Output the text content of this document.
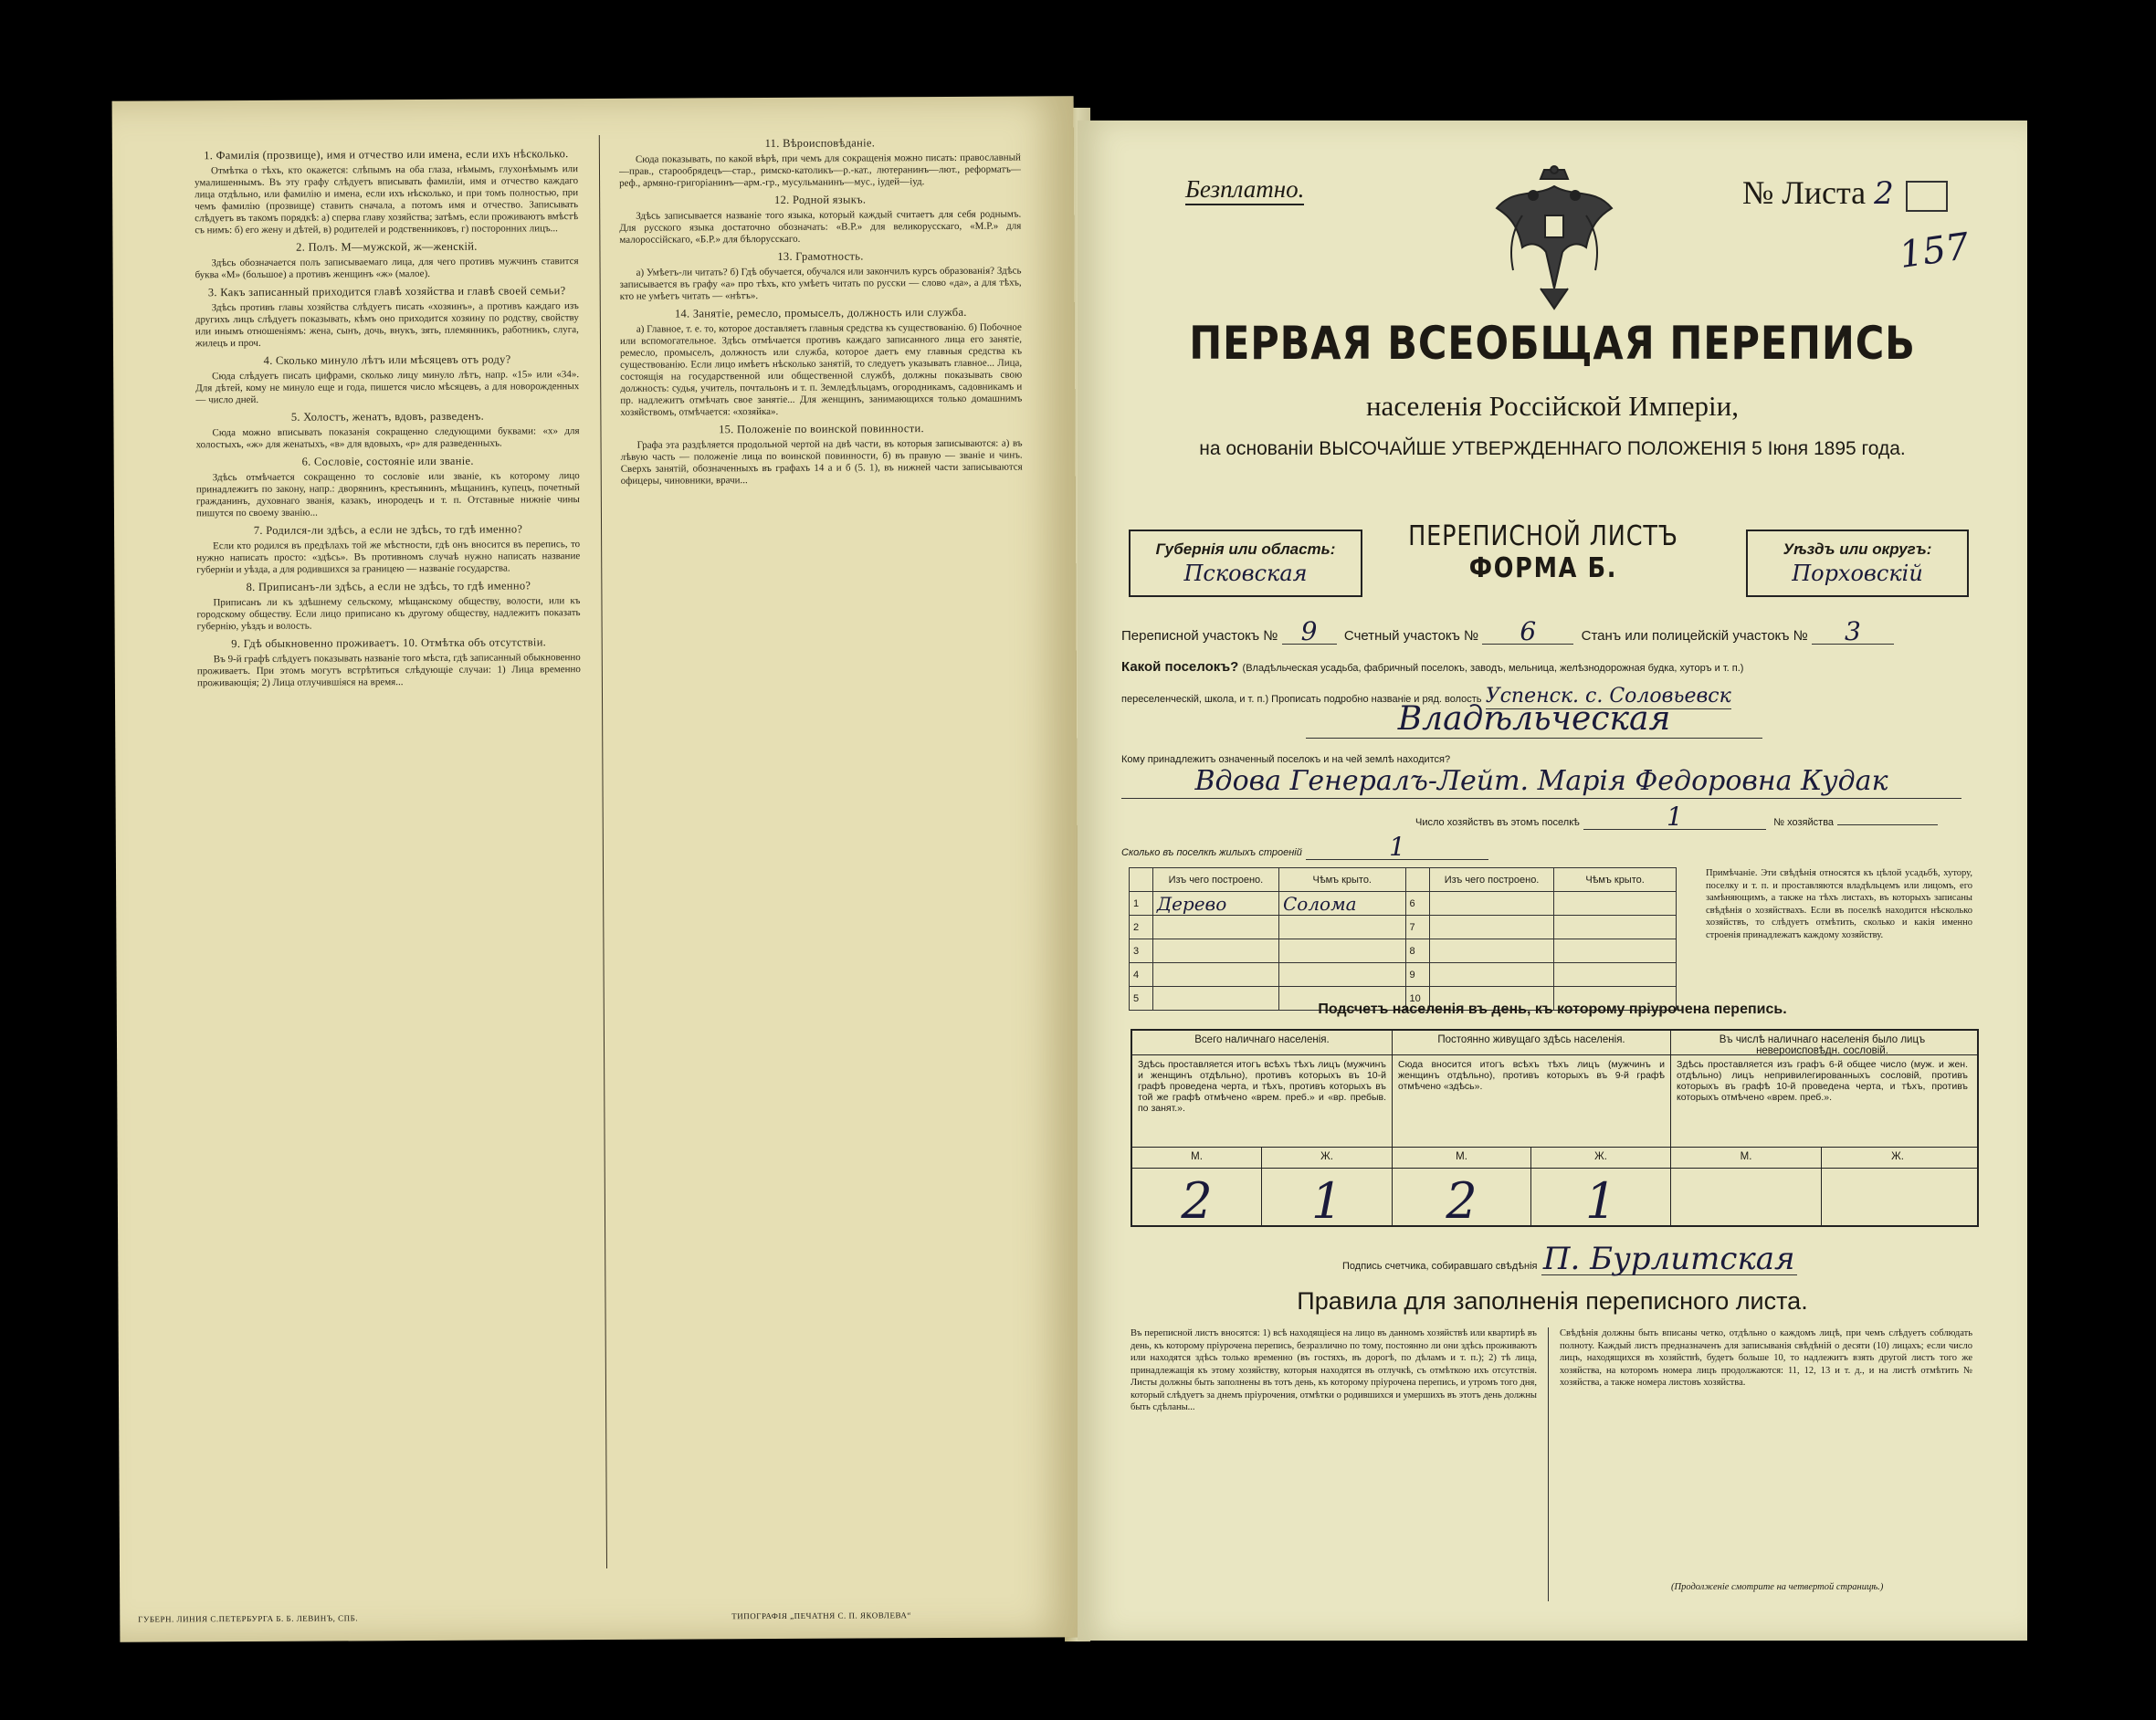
1. Фамилія (прозвище), имя и отчество или имена, если ихъ нѣсколько.

Отмѣтка о тѣхъ, кто окажется: слѣпымъ на оба глаза, нѣмымъ, глухонѣмымъ или умалишеннымъ. Въ эту графу слѣдуетъ вписывать фамиліи, имя и отчество каждаго лица отдѣльно, или фамилію и имена, если ихъ нѣсколько, и при томъ полностью, при чемъ фамилію (прозвище) ставить сначала, а потомъ имя и отчество. Записывать слѣдуетъ въ такомъ порядкѣ: а) сперва главу хозяйства; затѣмъ, если проживаютъ вмѣстѣ съ нимъ: б) его жену и дѣтей, в) родителей и родственниковъ, г) посторонних лицъ...

2. Полъ. М—мужской, ж—женскій.

Здѣсь обозначается полъ записываемаго лица, для чего противъ мужчинъ ставится буква «М» (большое) а противъ женщинъ «ж» (малое).

3. Какъ записанный приходится главѣ хозяйства и главѣ своей семьи?

Здѣсь противъ главы хозяйства слѣдуетъ писать «хозяинъ», а противъ каждаго изъ другихъ лицъ слѣдуетъ показывать, кѣмъ оно приходится хозяину по родству, свойству или инымъ отношеніямъ: жена, сынъ, дочь, внукъ, зять, племянникъ, работникъ, слуга, жилецъ и проч.

4. Сколько минуло лѣтъ или мѣсяцевъ отъ роду?

Сюда слѣдуетъ писать цифрами, сколько лицу минуло лѣтъ, напр. «15» или «34». Для дѣтей, кому не минуло еще и года, пишется число мѣсяцевъ, а для новорожденных — число дней.

5. Холостъ, женатъ, вдовъ, разведенъ.

Сюда можно вписывать показанія сокращенно следующими буквами: «х» для холостыхъ, «ж» для женатыхъ, «в» для вдовыхъ, «р» для разведенныхъ.

6. Сословіе, состояніе или званіе.

Здѣсь отмѣчается сокращенно то сословіе или званіе, къ которому лицо принадлежитъ по закону, напр.: дворянинъ, крестьянинъ, мѣщанинъ, купецъ, почетный гражданинъ, духовнаго званія, казакъ, инородецъ и т. п. Отставные нижніе чины пишутся по своему званію...

7. Родился-ли здѣсь, а если не здѣсь, то гдѣ именно?

Если кто родился въ предѣлахъ той же мѣстности, гдѣ онъ вносится въ перепись, то нужно написать просто: «здѣсь». Въ противномъ случаѣ нужно написать название губерніи и уѣзда, а для родившихся за границею — названіе государства.

8. Приписанъ-ли здѣсь, а если не здѣсь, то гдѣ именно?

Приписанъ ли къ здѣшнему сельскому, мѣщанскому обществу, волости, или къ городскому обществу. Если лицо приписано къ другому обществу, надлежитъ показать губернію, уѣздъ и волость.

9. Гдѣ обыкновенно проживаетъ. 10. Отмѣтка объ отсутствіи.

Въ 9-й графѣ слѣдуетъ показывать названіе того мѣста, гдѣ записанный обыкновенно проживаетъ. При этомъ могутъ встрѣтиться слѣдующіе случаи: 1) Лица временно проживающія; 2) Лица отлучившіяся на время...

11. Вѣроисповѣданіе.

Сюда показывать, по какой вѣрѣ, при чемъ для сокращенія можно писать: православный—прав., старообрядецъ—стар., римско-католикъ—р.-кат., лютеранинъ—лют., реформатъ—реф., армяно-григоріанинъ—арм.-гр., мусульманинъ—мус., іудей—іуд.

12. Родной языкъ.

Здѣсь записывается названіе того языка, который каждый считаетъ для себя роднымъ. Для русского языка достаточно обозначать: «В.Р.» для великорусскаго, «М.Р.» для малороссійскаго, «Б.Р.» для бѣлорусскаго.

13. Грамотность.

а) Умѣетъ-ли читать? б) Гдѣ обучается, обучался или закончилъ курсъ образованія? Здѣсь записывается въ графу «а» про тѣхъ, кто умѣетъ читать по русски — слово «да», а для тѣхъ, кто не умѣетъ читать — «нѣтъ».

14. Занятіе, ремесло, промыселъ, должность или служба.

а) Главное, т. е. то, которое доставляетъ главныя средства къ существованію. б) Побочное или вспомогательное. Здѣсь отмѣчается противъ каждаго записанного лица его занятіе, ремесло, промыселъ, должность или служба, которое даетъ ему главныя средства къ существованію. Если лицо имѣетъ нѣсколько занятій, то следуетъ указывать главное... Лица, состоящія на государственной или общественной службѣ, должны показывать свою должность: судья, учитель, почтальонъ и т. п. Земледѣльцамъ, огородникамъ, садовникамъ и пр. надлежитъ отмѣчать свое занятіе... Для женщинъ, занимающихся только домашнимъ хозяйствомъ, отмѣчается: «хозяйка».

15. Положеніе по воинской повинности.

Графа эта раздѣляется продольной чертой на двѣ части, въ которыя записываются: а) въ лѣвую часть — положеніе лица по воинской повинности, б) въ правую — званіе и чинъ. Сверхъ занятій, обозначенныхъ въ графахъ 14 а и б (5. 1), въ нижней части записываются офицеры, чиновники, врачи...

ГУБЕРН. ЛИНИЯ С.ПЕТЕРБУРГА Б. Б. ЛЕВИНЪ, СПБ.	ТИПОГРАФІЯ „ПЕЧАТНЯ С. П. ЯКОВЛЕВА“
Безплатно.	№ Листа 2
157
ПЕРВАЯ ВСЕОБЩАЯ ПЕРЕПИСЬ
населенія Россійской Имперіи,
на основаніи ВЫСОЧАЙШЕ УТВЕРЖДЕННАГО ПОЛОЖЕНІЯ 5 Іюня 1895 года.
Губернія или область:
Псковская
ПЕРЕПИСНОЙ ЛИСТЪ
ФОРМА Б.
Уѣздъ или округъ:
Порховскій
Переписной участокъ № 9 Счетный участокъ № 6	Станъ или полицейскій участокъ № 3
Какой поселокъ? (Владѣльческая усадьба, фабричный поселокъ, заводъ, мельница, желѣзнодорожная будка, хуторъ и т. п.)
переселенческій, школа, и т. п.) Прописать подробно названіе и ряд. волость Успенск. с. Соловьевск
Владѣльческая
Кому принадлежитъ означенный поселокъ и на чей землѣ находится?
Вдова Генералъ-Лейт. Марія Федоровна Кудак
Число хозяйствъ въ этомъ поселкѣ	1	№ хозяйства
Сколько въ поселкѣ жилыхъ строеній	1
	Изъ чего построено.	Чѣмъ крыто.		Изъ чего построено.	Чѣмъ крыто.
1	Дерево	Солома	6		
2			7		
3			8		
4			9		
5			10		
Примѣчаніе. Эти свѣдѣнія относятся къ цѣлой усадьбѣ, хутору, поселку и т. п. и проставляются владѣльцемъ или лицомъ, его замѣняющимъ, а также на тѣхъ листахъ, въ которыхъ записаны свѣдѣнія о хозяйствахъ. Если въ поселкѣ находится нѣсколько хозяйствъ, то слѣдуетъ отмѣтить, сколько и какія именно строенія принадлежатъ каждому хозяйству.
Подсчетъ населенія въ день, къ которому пріурочена перепись.
Всего наличнаго населенія.	Постоянно живущаго здѣсь населенія.	Въ числѣ наличнаго населенія было лицъ невероисповѣдн. сословій.
Здѣсь проставляется итогъ всѣхъ тѣхъ лицъ (мужчинъ и женщинъ отдѣльно), противъ которыхъ въ 10-й графѣ проведена черта, и тѣхъ, противъ которыхъ въ той же графѣ отмѣчено «врем. преб.» и «вр. пребыв. по занят.».
Сюда вносится итогъ всѣхъ тѣхъ лицъ (мужчинъ и женщинъ отдѣльно), противъ которыхъ въ 9-й графѣ отмѣчено «здѣсь».
Здѣсь проставляется изъ графъ 6-й общее число (муж. и жен. отдѣльно) лицъ непривилегированныхъ сословій, противъ которыхъ въ графѣ 10-й проведена черта, и тѣхъ, противъ которыхъ отмѣчено «врем. преб.».
М.	Ж.	М.	Ж.	М.	Ж.
2	1	2	1
Подпись счетчика, собиравшаго свѣдѣнія П. Бурлитская
Правила для заполненія переписного листа.
Въ переписной листъ вносятся: 1) всѣ находящіеся на лицо въ данномъ хозяйствѣ или квартирѣ въ день, къ которому пріурочена перепись, безразлично по тому, постоянно ли они здѣсь проживаютъ или находятся здѣсь только временно (въ гостяхъ, въ дорогѣ, по дѣламъ и т. п.); 2) тѣ лица, принадлежащія къ этому хозяйству, которыя находятся въ отлучкѣ, съ отмѣткою ихъ отсутствія. Листы должны быть заполнены въ тотъ день, къ которому пріурочена перепись, и утромъ того дня, который слѣдуетъ за днемъ пріурочения, отмѣтки о родившихся и умершихъ въ этотъ день должны быть сдѣланы...
Свѣдѣнія должны быть вписаны четко, отдѣльно о каждомъ лицѣ, при чемъ слѣдуетъ соблюдать полноту. Каждый листъ предназначенъ для записыванія свѣдѣній о десяти (10) лицахъ; если число лицъ, находящихся въ хозяйствѣ, будетъ больше 10, то надлежитъ взять другой листъ того же хозяйства, на которомъ номера лицъ продолжаются: 11, 12, 13 и т. д., и на листѣ отмѣтить № хозяйства, а также номера листовъ хозяйства.
(Продолженіе смотрите на четвертой страницѣ.)
